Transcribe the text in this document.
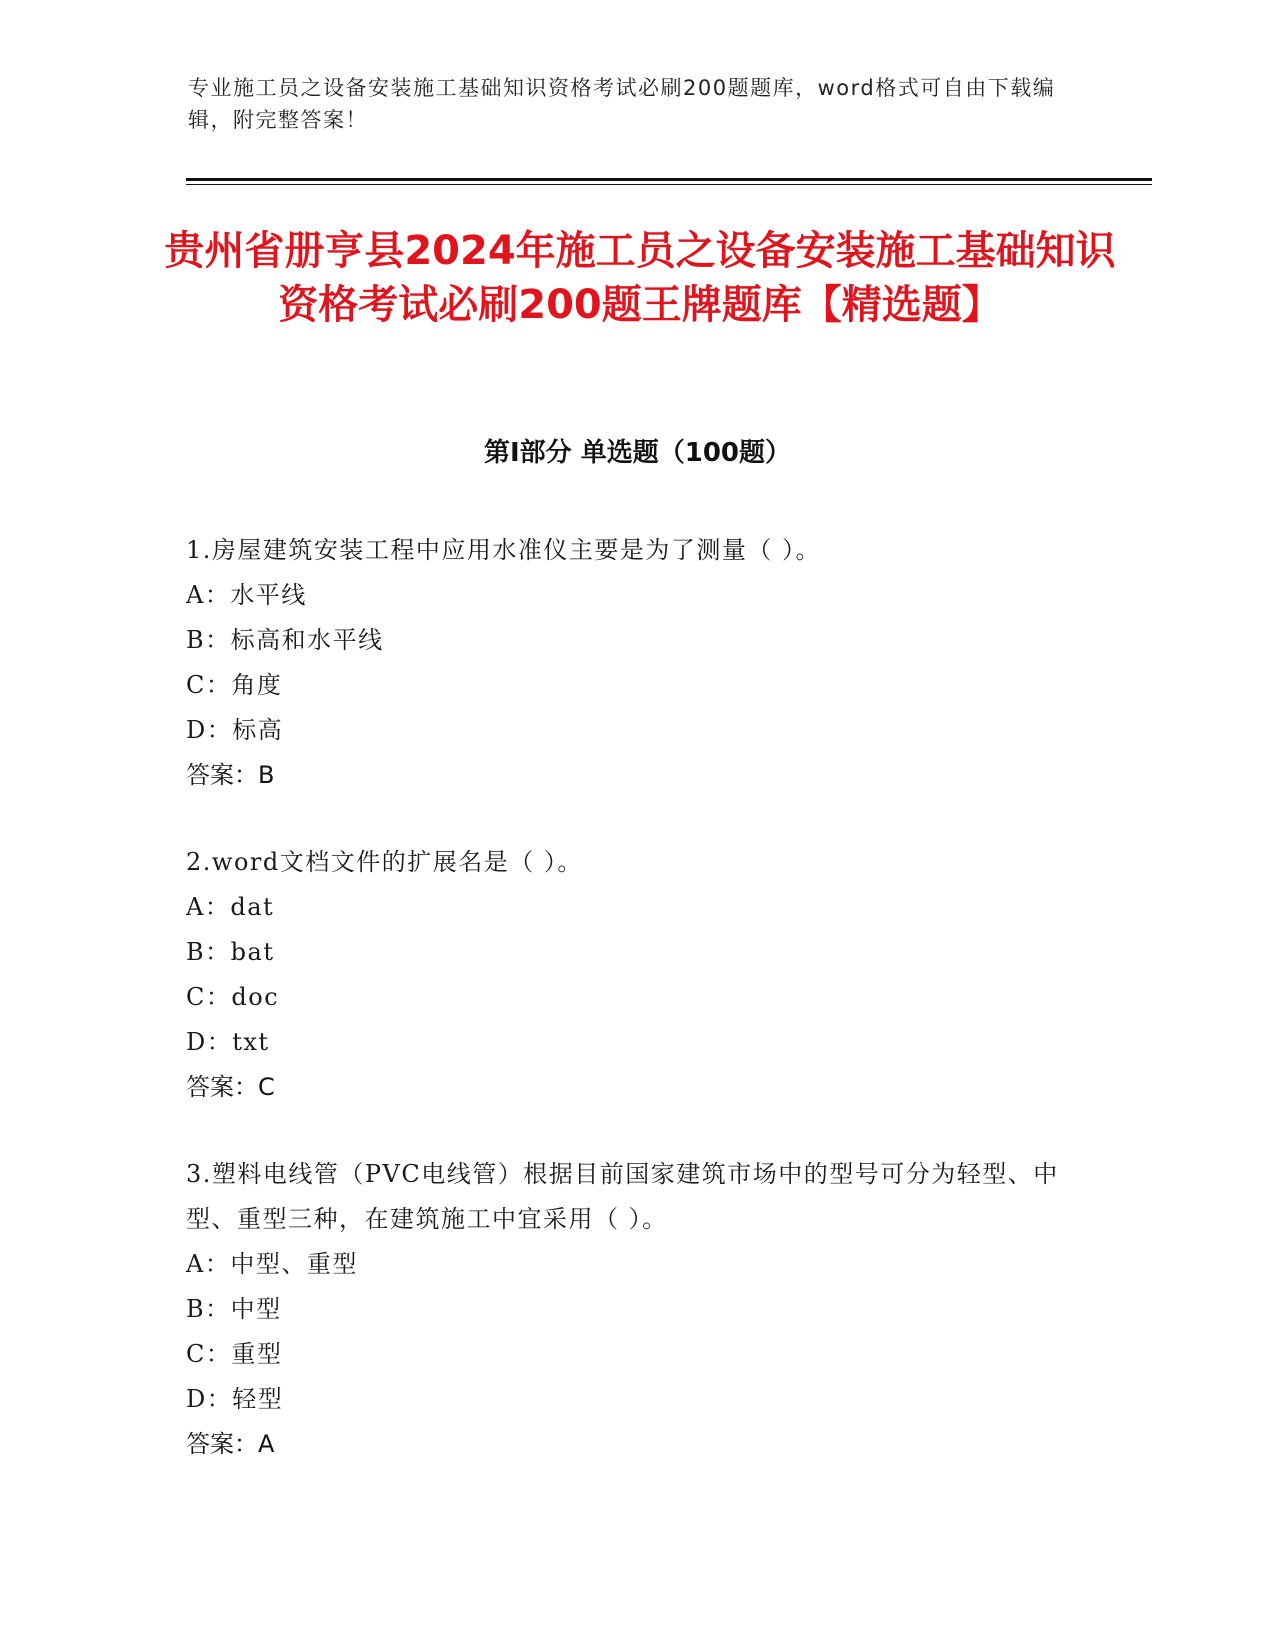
专业施工员之设备安装施工基础知识资格考试必刷200题题库，word格式可自由下载编辑，附完整答案！
贵州省册亨县2024年施工员之设备安装施工基础知识资格考试必刷200题王牌题库【精选题】
第I部分 单选题（100题）

1.房屋建筑安装工程中应用水准仪主要是为了测量（ ）。

A：水平线

B：标高和水平线

C：角度

D：标高

答案：B

2.word文档文件的扩展名是（ ）。

A：dat

B：bat

C：doc

D：txt

答案：C

3.塑料电线管（PVC电线管）根据目前国家建筑市场中的型号可分为轻型、中型、重型三种，在建筑施工中宜采用（ ）。

A：中型、重型

B：中型

C：重型

D：轻型

答案：A
